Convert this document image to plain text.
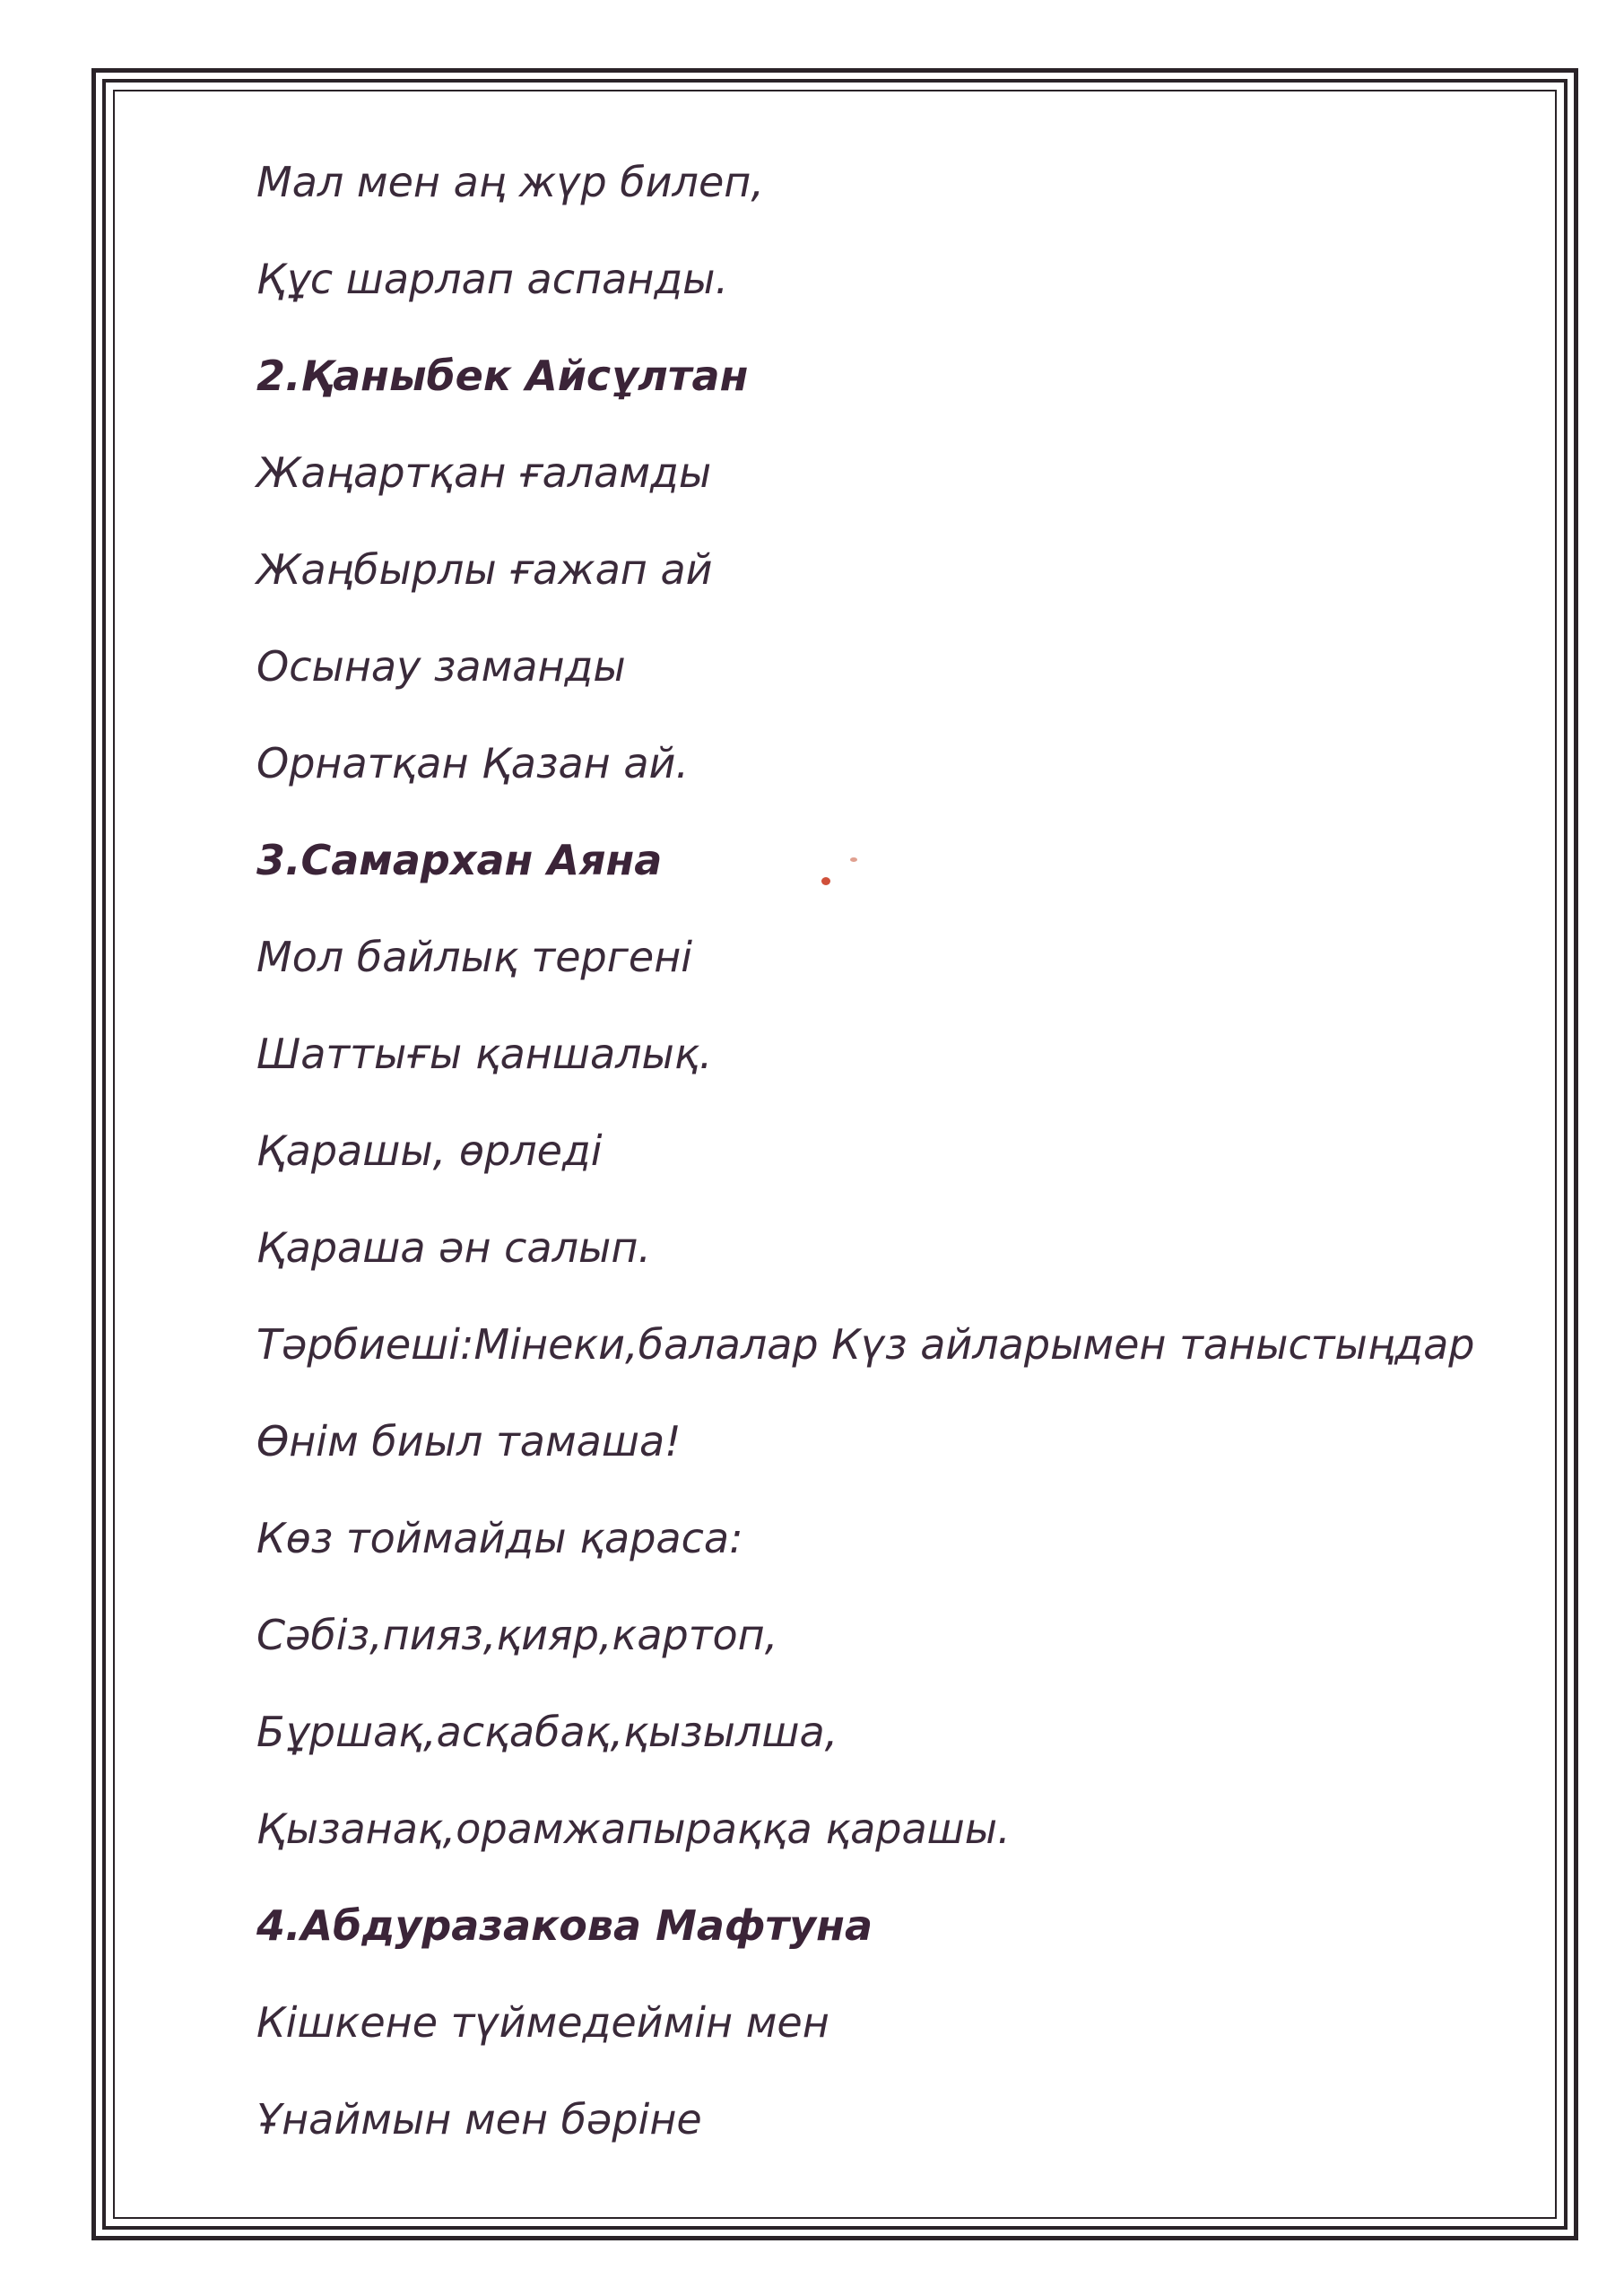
Мал мен аң жүр билеп,
Құс шарлап аспанды.
2.Қаныбек Айсұлтан
Жаңартқан ғаламды
Жаңбырлы ғажап ай
Осынау заманды
Орнатқан Қазан ай.
3.Самархан Аяна
Мол байлық тергені
Шаттығы қаншалық.
Қарашы, өрледі
Қараша ән салып.
Тәрбиеші:Мінеки,балалар Күз айларымен таныстыңдар
Өнім биыл тамаша!
Көз тоймайды қараса:
Сәбіз,пияз,қияр,картоп,
Бұршақ,асқабақ,қызылша,
Қызанақ,орамжапыраққа қарашы.
4.Абдуразакова Мафтуна
Кішкене түймедеймін мен
Ұнаймын мен бәріне
